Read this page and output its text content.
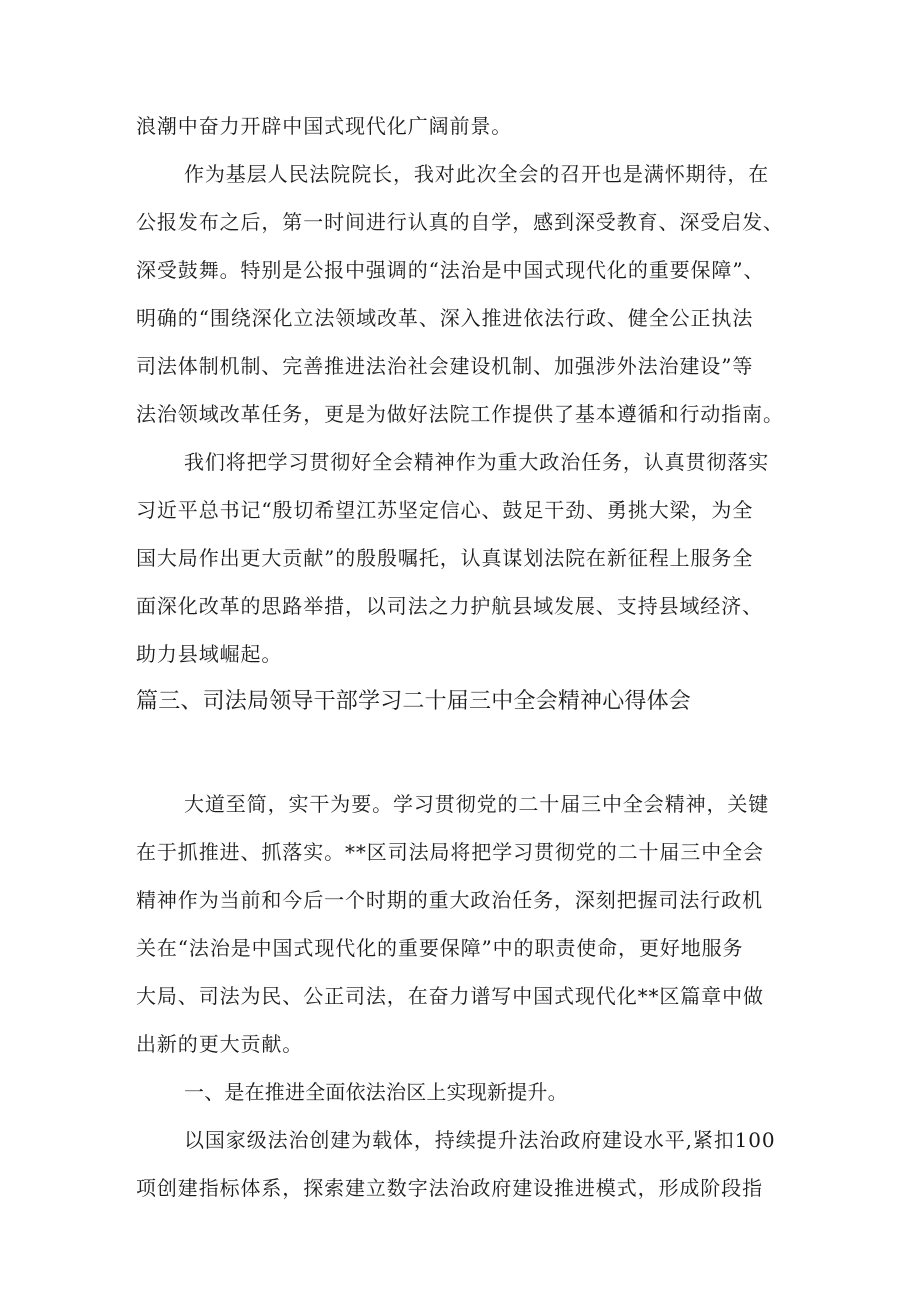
浪潮中奋力开辟中国式现代化广阔前景。
作为基层人民法院院长，我对此次全会的召开也是满怀期待，在
公报发布之后，第一时间进行认真的自学，感到深受教育、深受启发、
深受鼓舞。特别是公报中强调的“法治是中国式现代化的重要保障”、
明确的“围绕深化立法领域改革、深入推进依法行政、健全公正执法
司法体制机制、完善推进法治社会建设机制、加强涉外法治建设”等
法治领域改革任务，更是为做好法院工作提供了基本遵循和行动指南。
我们将把学习贯彻好全会精神作为重大政治任务，认真贯彻落实
习近平总书记“殷切希望江苏坚定信心、鼓足干劲、勇挑大梁，为全
国大局作出更大贡献”的殷殷嘱托，认真谋划法院在新征程上服务全
面深化改革的思路举措，以司法之力护航县域发展、支持县域经济、
助力县域崛起。
篇三、司法局领导干部学习二十届三中全会精神心得体会
大道至简，实干为要。学习贯彻党的二十届三中全会精神，关键
在于抓推进、抓落实。**区司法局将把学习贯彻党的二十届三中全会
精神作为当前和今后一个时期的重大政治任务，深刻把握司法行政机
关在“法治是中国式现代化的重要保障”中的职责使命，更好地服务
大局、司法为民、公正司法，在奋力谱写中国式现代化**区篇章中做
出新的更大贡献。
一、是在推进全面依法治区上实现新提升。
以国家级法治创建为载体，持续提升法治政府建设水平,紧扣100
项创建指标体系，探索建立数字法治政府建设推进模式，形成阶段指
